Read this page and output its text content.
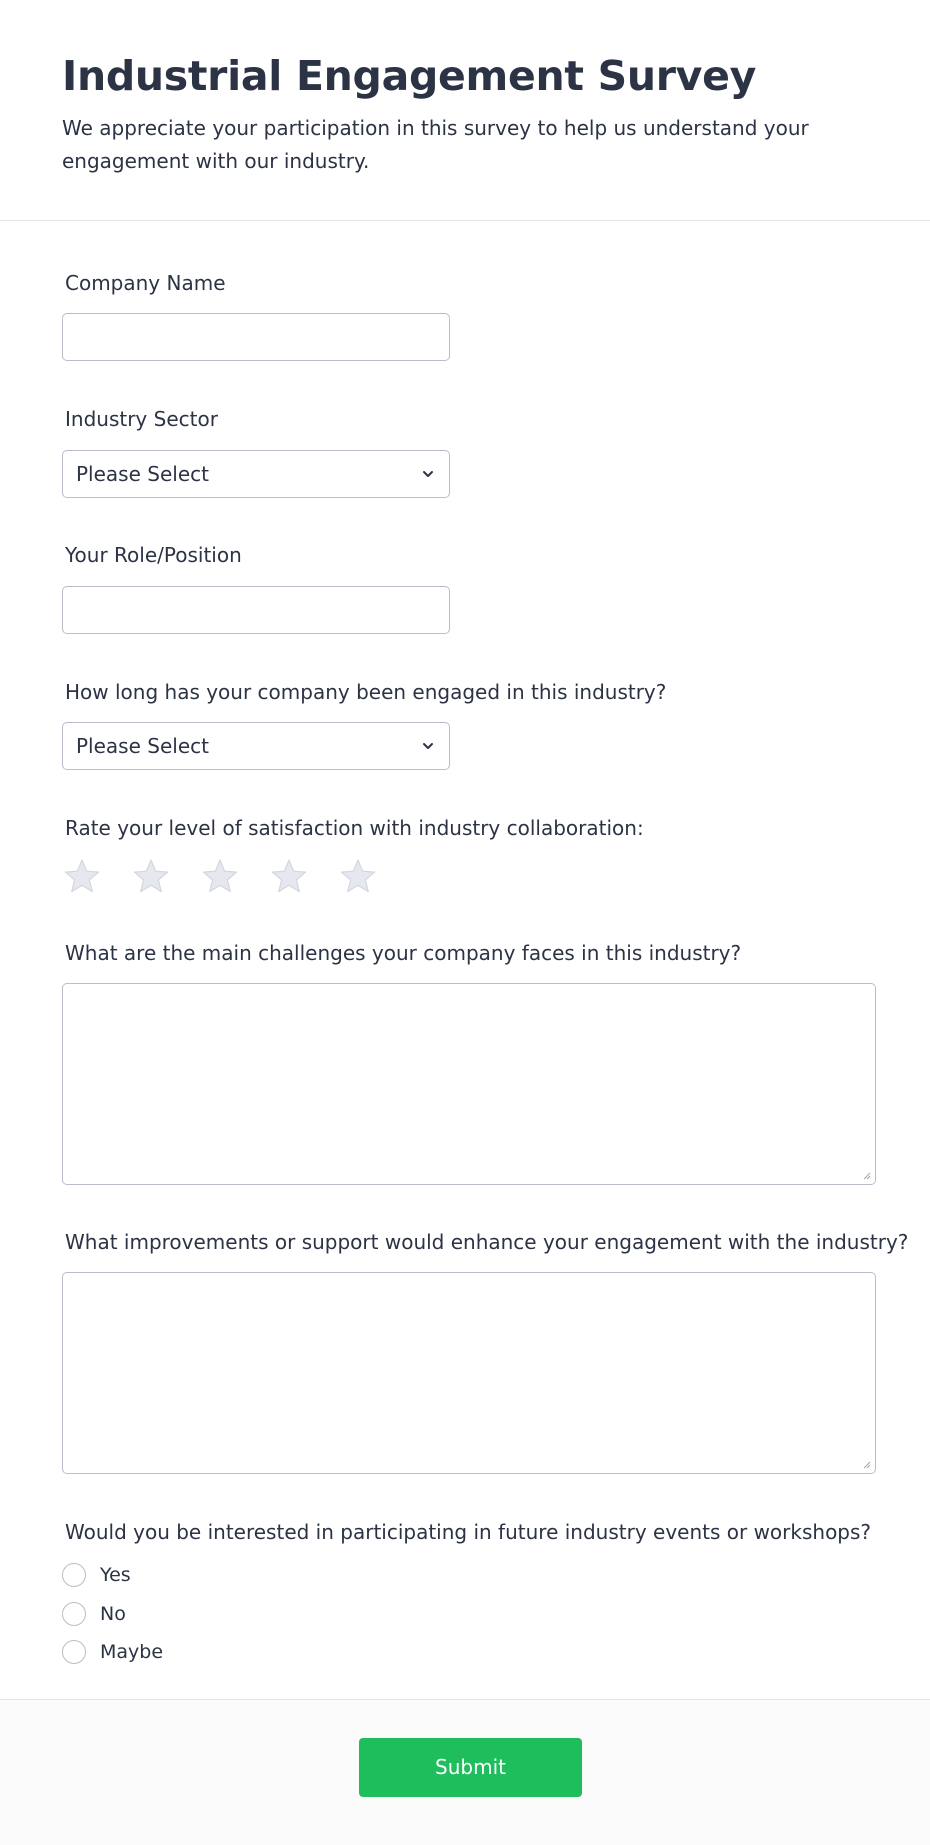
Industrial Engagement Survey

We appreciate your participation in this survey to help us understand your engagement with our industry.

Company Name
Industry Sector
Please Select
Your Role/Position
How long has your company been engaged in this industry?
Please Select
Rate your level of satisfaction with industry collaboration:
What are the main challenges your company faces in this industry?
What improvements or support would enhance your engagement with the industry?
Would you be interested in participating in future industry events or workshops?
Yes
No
Maybe
Submit
